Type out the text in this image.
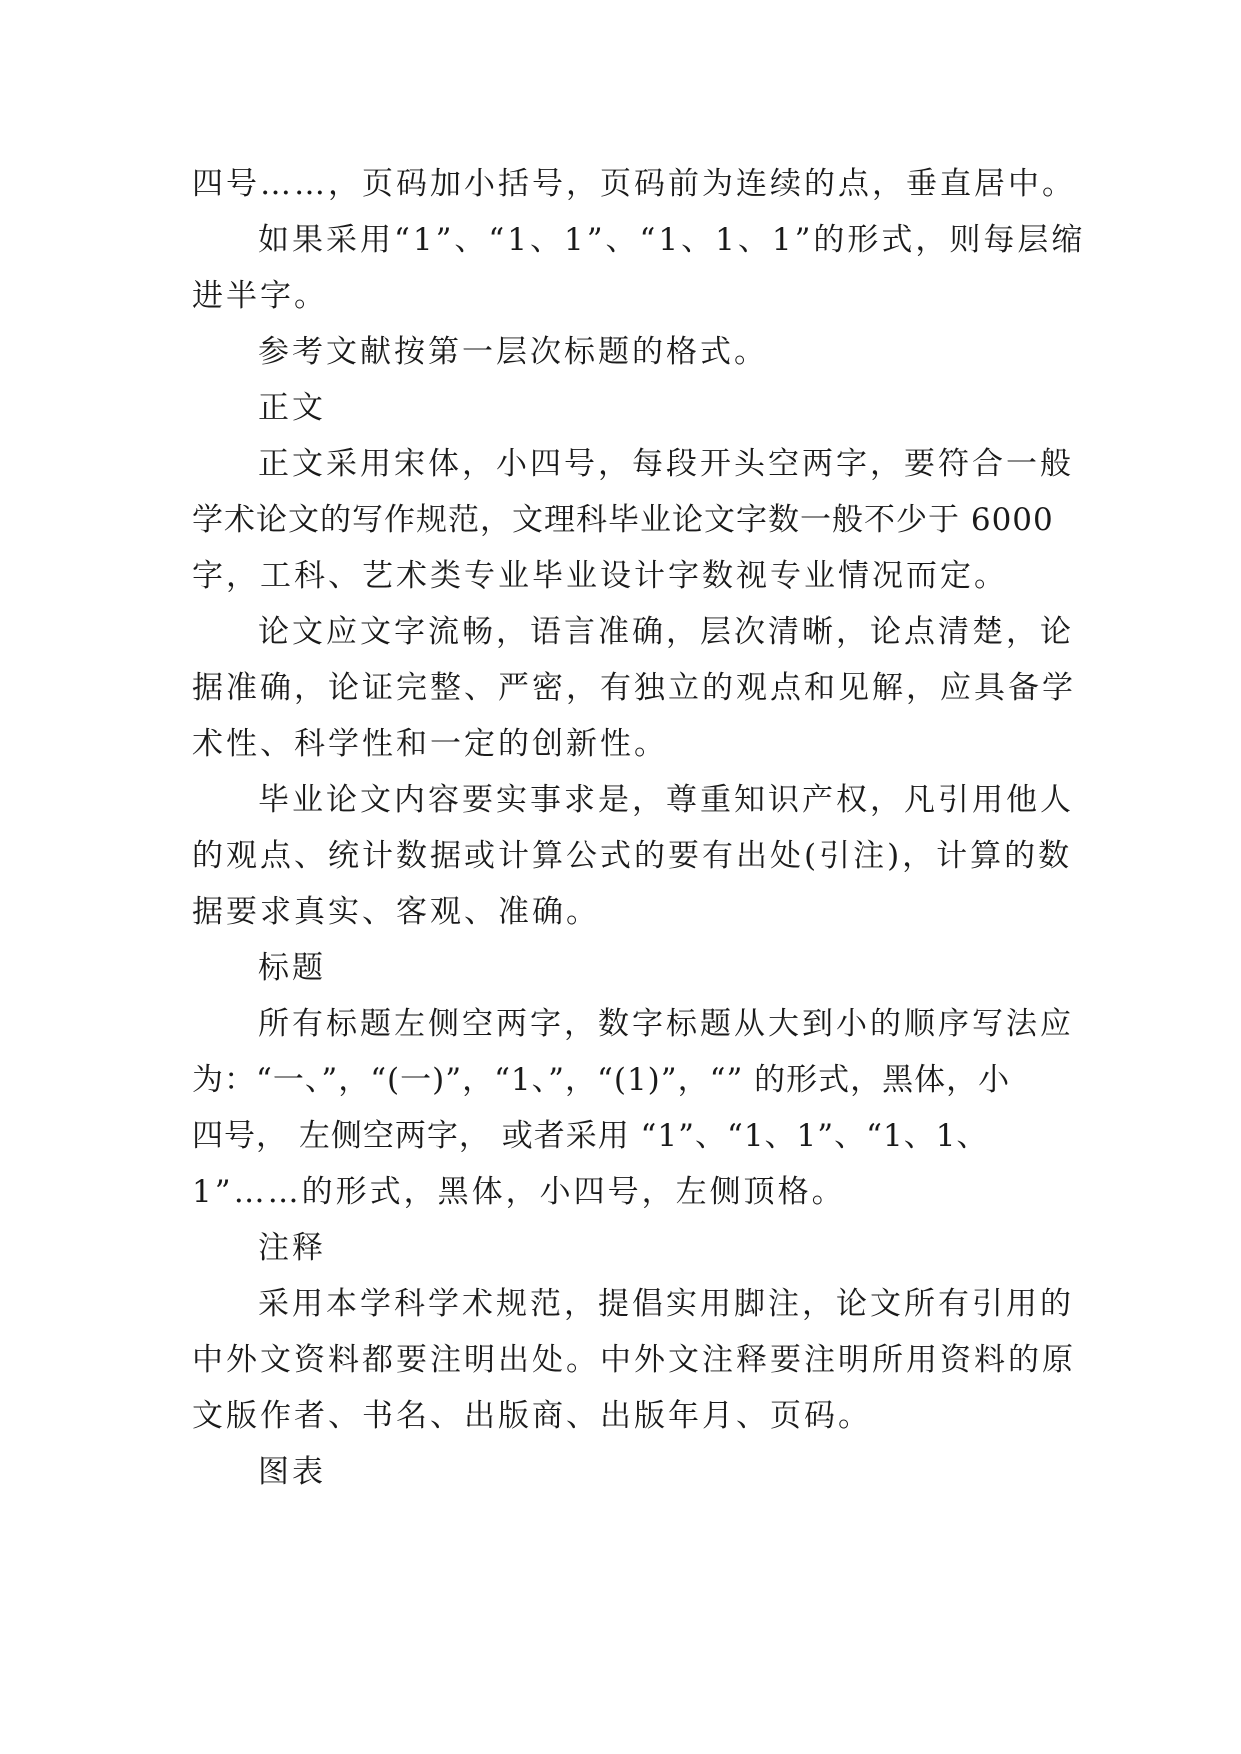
四号……，页码加小括号，页码前为连续的点，垂直居中。
如果采用“1”、“1、1”、“1、1、1”的形式，则每层缩
进半字。
参考文献按第一层次标题的格式。
正文
正文采用宋体，小四号，每段开头空两字，要符合一般
学术论文的写作规范，文理科毕业论文字数一般不少于 6000
字，工科、艺术类专业毕业设计字数视专业情况而定。
论文应文字流畅，语言准确，层次清晰，论点清楚，论
据准确，论证完整、严密，有独立的观点和见解，应具备学
术性、科学性和一定的创新性。
毕业论文内容要实事求是，尊重知识产权，凡引用他人
的观点、统计数据或计算公式的要有出处(引注)，计算的数
据要求真实、客观、准确。
标题
所有标题左侧空两字，数字标题从大到小的顺序写法应
为：“一、”，“(一)”，“1、”，“(1)”，“” 的形式，黑体，小
四号， 左侧空两字， 或者采用 “1”、“1、1”、“1、1、
1”……的形式，黑体，小四号，左侧顶格。
注释
采用本学科学术规范，提倡实用脚注，论文所有引用的
中外文资料都要注明出处。中外文注释要注明所用资料的原
文版作者、书名、出版商、出版年月、页码。
图表
